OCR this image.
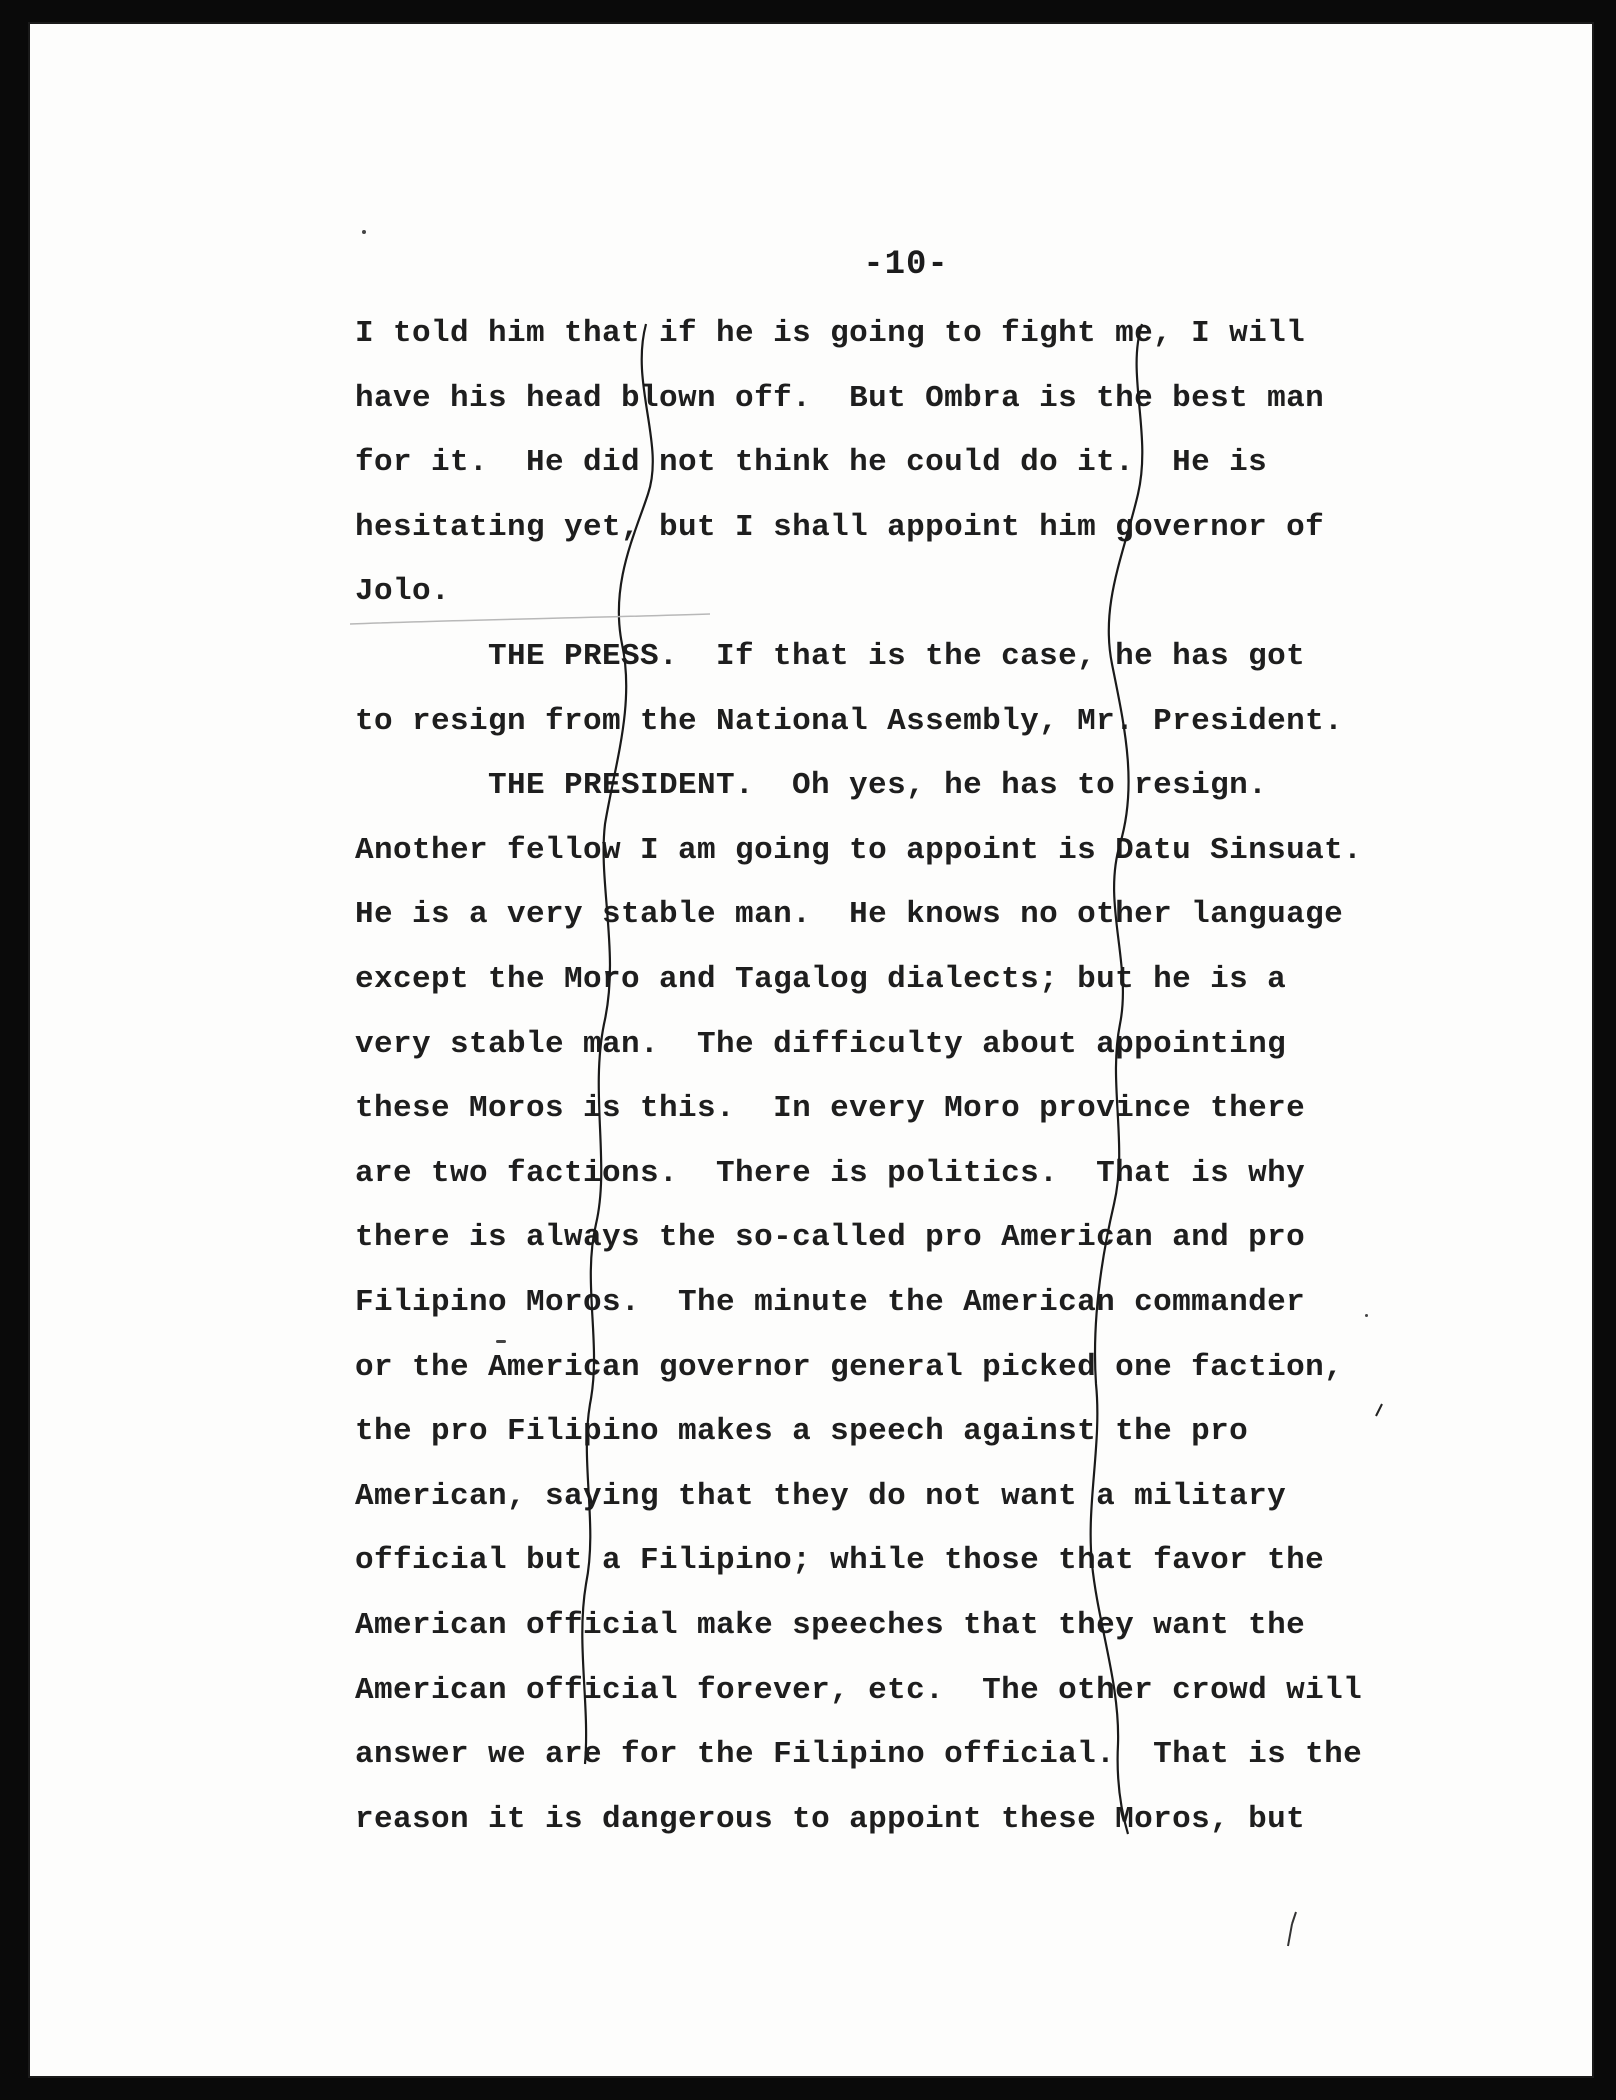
-10-
I told him that if he is going to fight me, I will
have his head blown off.  But Ombra is the best man
for it.  He did not think he could do it.  He is
hesitating yet, but I shall appoint him governor of
Jolo.
THE PRESS.  If that is the case, he has got
to resign from the National Assembly, Mr. President.
THE PRESIDENT.  Oh yes, he has to resign.
Another fellow I am going to appoint is Datu Sinsuat.
He is a very stable man.  He knows no other language
except the Moro and Tagalog dialects; but he is a
very stable man.  The difficulty about appointing
these Moros is this.  In every Moro province there
are two factions.  There is politics.  That is why
there is always the so-called pro American and pro
Filipino Moros.  The minute the American commander
or the American governor general picked one faction,
the pro Filipino makes a speech against the pro
American, saying that they do not want a military
official but a Filipino; while those that favor the
American official make speeches that they want the
American official forever, etc.  The other crowd will
answer we are for the Filipino official.  That is the
reason it is dangerous to appoint these Moros, but
